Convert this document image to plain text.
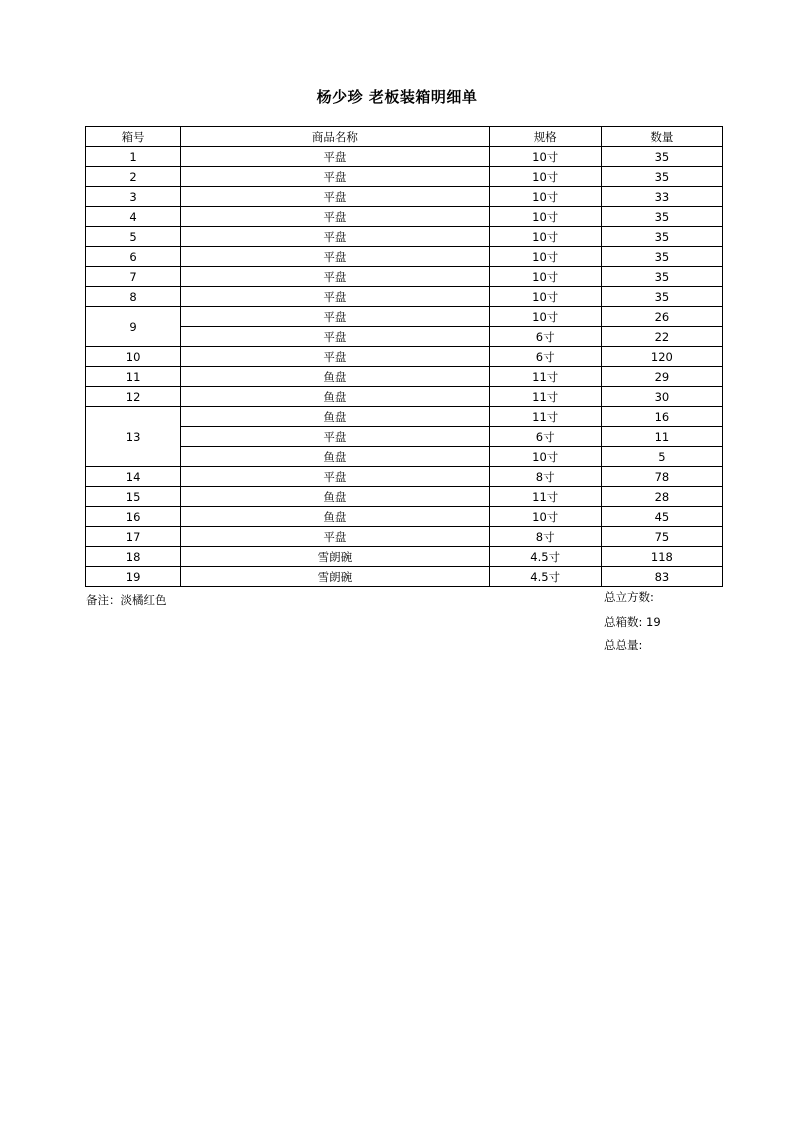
杨少珍 老板装箱明细单
箱号	商品名称	规格	数量
1	平盘	10寸	35
2	平盘	10寸	35
3	平盘	10寸	33
4	平盘	10寸	35
5	平盘	10寸	35
6	平盘	10寸	35
7	平盘	10寸	35
8	平盘	10寸	35
9	平盘	10寸	26
	平盘	6寸	22
10	平盘	6寸	120
11	鱼盘	11寸	29
12	鱼盘	11寸	30
13	鱼盘	11寸	16
	平盘	6寸	11
	鱼盘	10寸	5
14	平盘	8寸	78
15	鱼盘	11寸	28
16	鱼盘	10寸	45
17	平盘	8寸	75
18	雪朗碗	4.5寸	118
19	雪朗碗	4.5寸	83
备注：淡橘红色	总立方数:
总箱数: 19
总总量:
